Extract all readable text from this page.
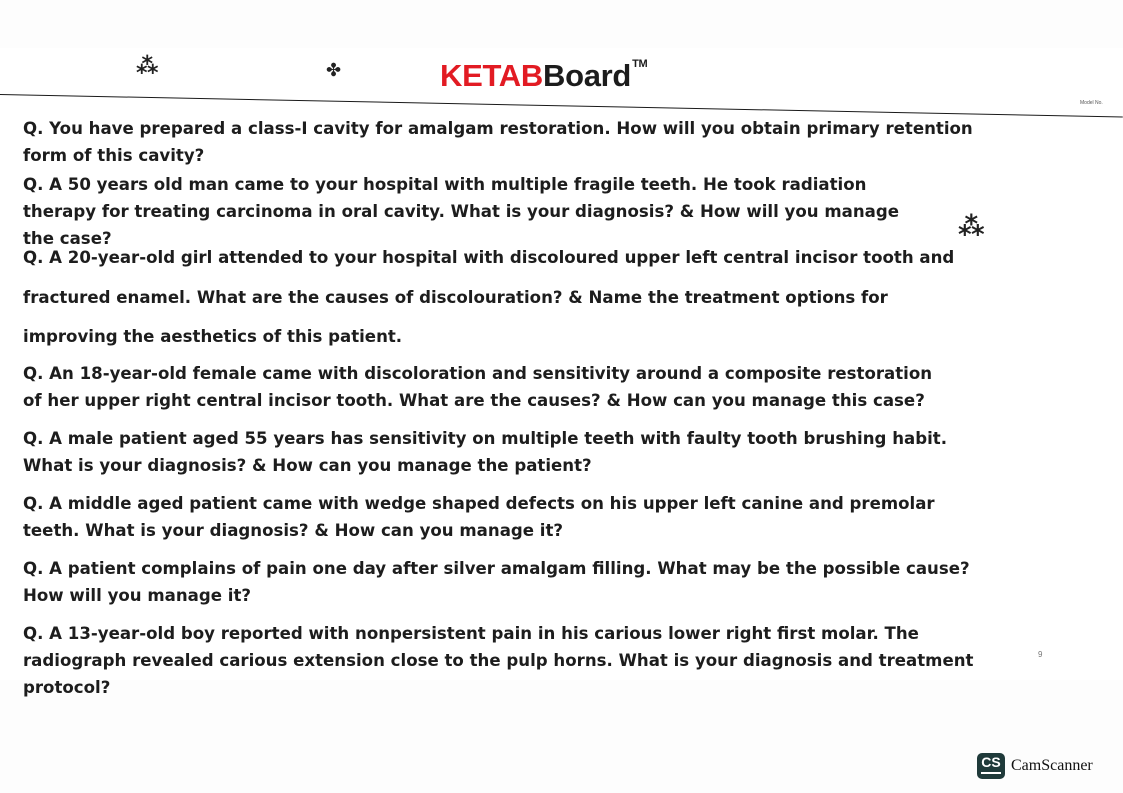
⁂	✤
⁂
KETABBoard™
Model No.
Q. You have prepared a class-I cavity for amalgam restoration. How will you obtain primary retention form of this cavity?
Q. A 50 years old man came to your hospital with multiple fragile teeth. He took radiation therapy for treating carcinoma in oral cavity. What is your diagnosis? & How will you manage the case?
Q. A 20-year-old girl attended to your hospital with discoloured upper left central incisor tooth and fractured enamel. What are the causes of discolouration? & Name the treatment options for improving the aesthetics of this patient.
Q. An 18-year-old female came with discoloration and sensitivity around a composite restoration of her upper right central incisor tooth. What are the causes? & How can you manage this case?
Q. A male patient aged 55 years has sensitivity on multiple teeth with faulty tooth brushing habit. What is your diagnosis? & How can you manage the patient?
Q. A middle aged patient came with wedge shaped defects on his upper left canine and premolar teeth. What is your diagnosis? & How can you manage it?
Q. A patient complains of pain one day after silver amalgam filling. What may be the possible cause? How will you manage it?
Q. A 13-year-old boy reported with nonpersistent pain in his carious lower right first molar. The radiograph revealed carious extension close to the pulp horns. What is your diagnosis and treatment protocol?
9
CS CamScanner
